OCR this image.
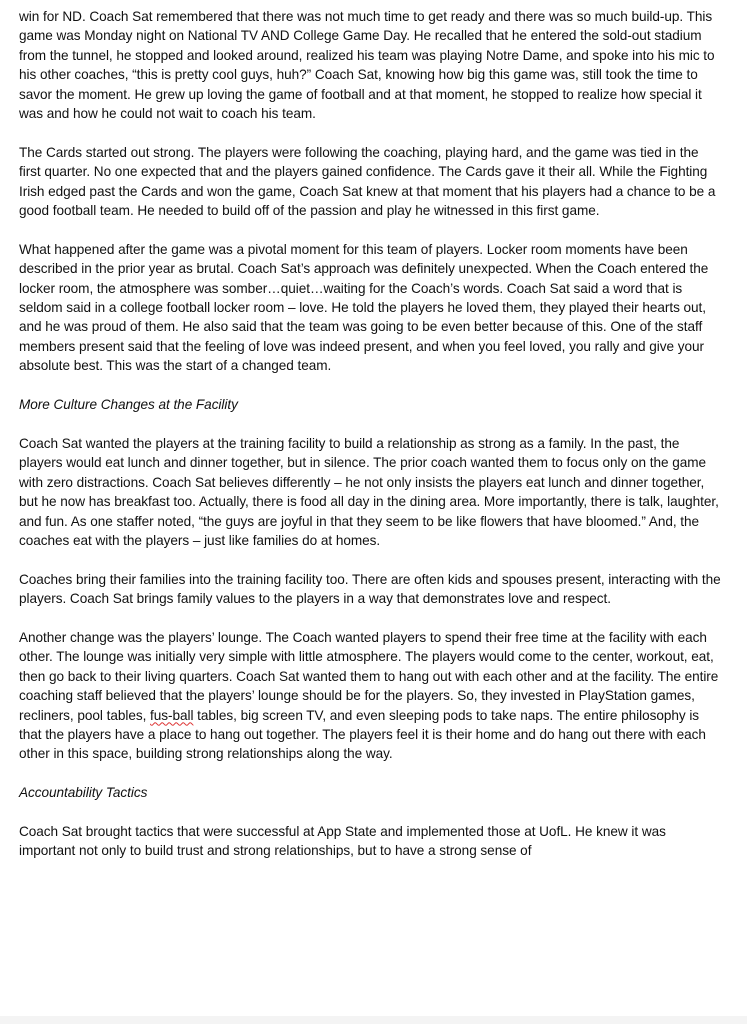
win for ND. Coach Sat remembered that there was not much time to get ready and there was so much build-up. This game was Monday night on National TV AND College Game Day. He recalled that he entered the sold-out stadium from the tunnel, he stopped and looked around, realized his team was playing Notre Dame, and spoke into his mic to his other coaches, “this is pretty cool guys, huh?” Coach Sat, knowing how big this game was, still took the time to savor the moment. He grew up loving the game of football and at that moment, he stopped to realize how special it was and how he could not wait to coach his team.

The Cards started out strong. The players were following the coaching, playing hard, and the game was tied in the first quarter. No one expected that and the players gained confidence. The Cards gave it their all. While the Fighting Irish edged past the Cards and won the game, Coach Sat knew at that moment that his players had a chance to be a good football team. He needed to build off of the passion and play he witnessed in this first game.

What happened after the game was a pivotal moment for this team of players. Locker room moments have been described in the prior year as brutal. Coach Sat’s approach was definitely unexpected. When the Coach entered the locker room, the atmosphere was somber…quiet…waiting for the Coach’s words. Coach Sat said a word that is seldom said in a college football locker room – love. He told the players he loved them, they played their hearts out, and he was proud of them. He also said that the team was going to be even better because of this. One of the staff members present said that the feeling of love was indeed present, and when you feel loved, you rally and give your absolute best. This was the start of a changed team.

More Culture Changes at the Facility

Coach Sat wanted the players at the training facility to build a relationship as strong as a family. In the past, the players would eat lunch and dinner together, but in silence. The prior coach wanted them to focus only on the game with zero distractions. Coach Sat believes differently – he not only insists the players eat lunch and dinner together, but he now has breakfast too. Actually, there is food all day in the dining area. More importantly, there is talk, laughter, and fun. As one staffer noted, “the guys are joyful in that they seem to be like flowers that have bloomed.” And, the coaches eat with the players – just like families do at homes.

Coaches bring their families into the training facility too. There are often kids and spouses present, interacting with the players. Coach Sat brings family values to the players in a way that demonstrates love and respect.

Another change was the players’ lounge. The Coach wanted players to spend their free time at the facility with each other. The lounge was initially very simple with little atmosphere. The players would come to the center, workout, eat, then go back to their living quarters. Coach Sat wanted them to hang out with each other and at the facility. The entire coaching staff believed that the players’ lounge should be for the players. So, they invested in PlayStation games, recliners, pool tables, fus-ball tables, big screen TV, and even sleeping pods to take naps. The entire philosophy is that the players have a place to hang out together. The players feel it is their home and do hang out there with each other in this space, building strong relationships along the way.

Accountability Tactics

Coach Sat brought tactics that were successful at App State and implemented those at UofL. He knew it was important not only to build trust and strong relationships, but to have a strong sense of
